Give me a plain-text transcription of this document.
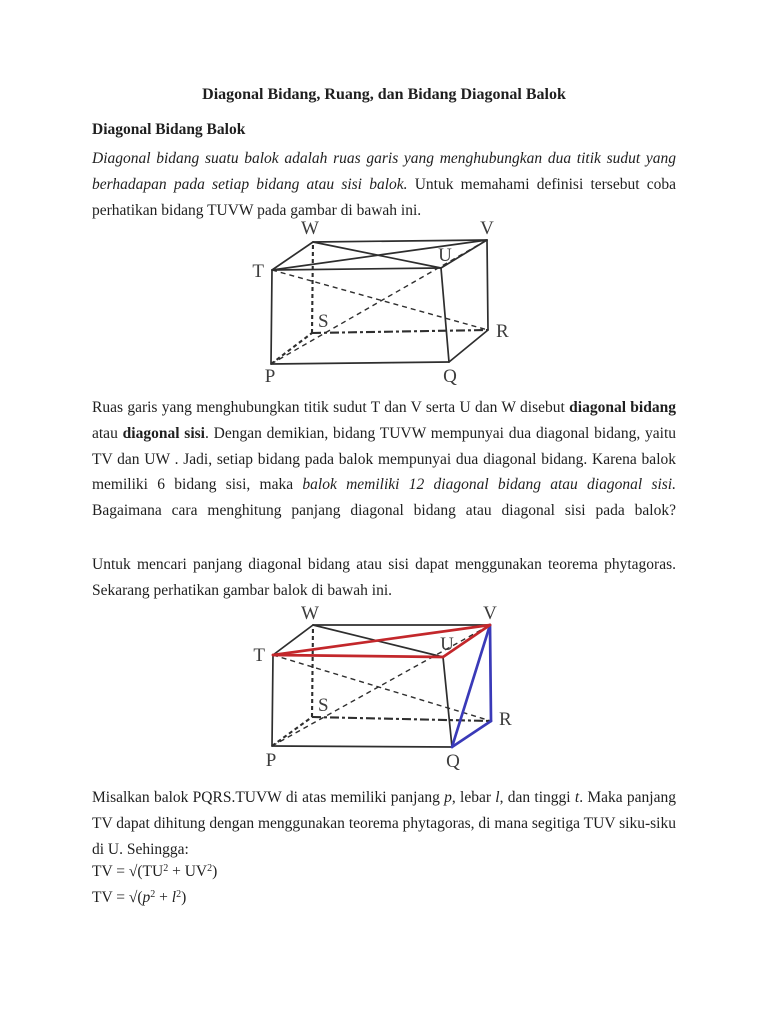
Diagonal Bidang, Ruang, dan Bidang Diagonal Balok
Diagonal Bidang Balok
Diagonal bidang suatu balok adalah ruas garis yang menghubungkan dua titik sudut yang berhadapan pada setiap bidang atau sisi balok. Untuk memahami definisi tersebut coba perhatikan bidang TUVW pada gambar di bawah ini.
P	Q
R
S
T
U
V
W
Ruas garis yang menghubungkan titik sudut T dan V serta U dan W disebut diagonal bidang atau diagonal sisi. Dengan demikian, bidang TUVW mempunyai dua diagonal bidang, yaitu TV dan UW . Jadi, setiap bidang pada balok mempunyai dua diagonal bidang. Karena balok memiliki 6 bidang sisi, maka balok memiliki 12 diagonal bidang atau diagonal sisi. Bagaimana cara menghitung panjang diagonal bidang atau diagonal sisi pada balok?
Untuk mencari panjang diagonal bidang atau sisi dapat menggunakan teorema phytagoras. Sekarang perhatikan gambar balok di bawah ini.
P	Q
R
S
T
U
V
W
Misalkan balok PQRS.TUVW di atas memiliki panjang p, lebar l, dan tinggi t. Maka panjang TV dapat dihitung dengan menggunakan teorema phytagoras, di mana segitiga TUV siku-siku di U. Sehingga:
TV = $√(TU^2 + UV^2)$
TV = $√(p^2 + l^2)$
